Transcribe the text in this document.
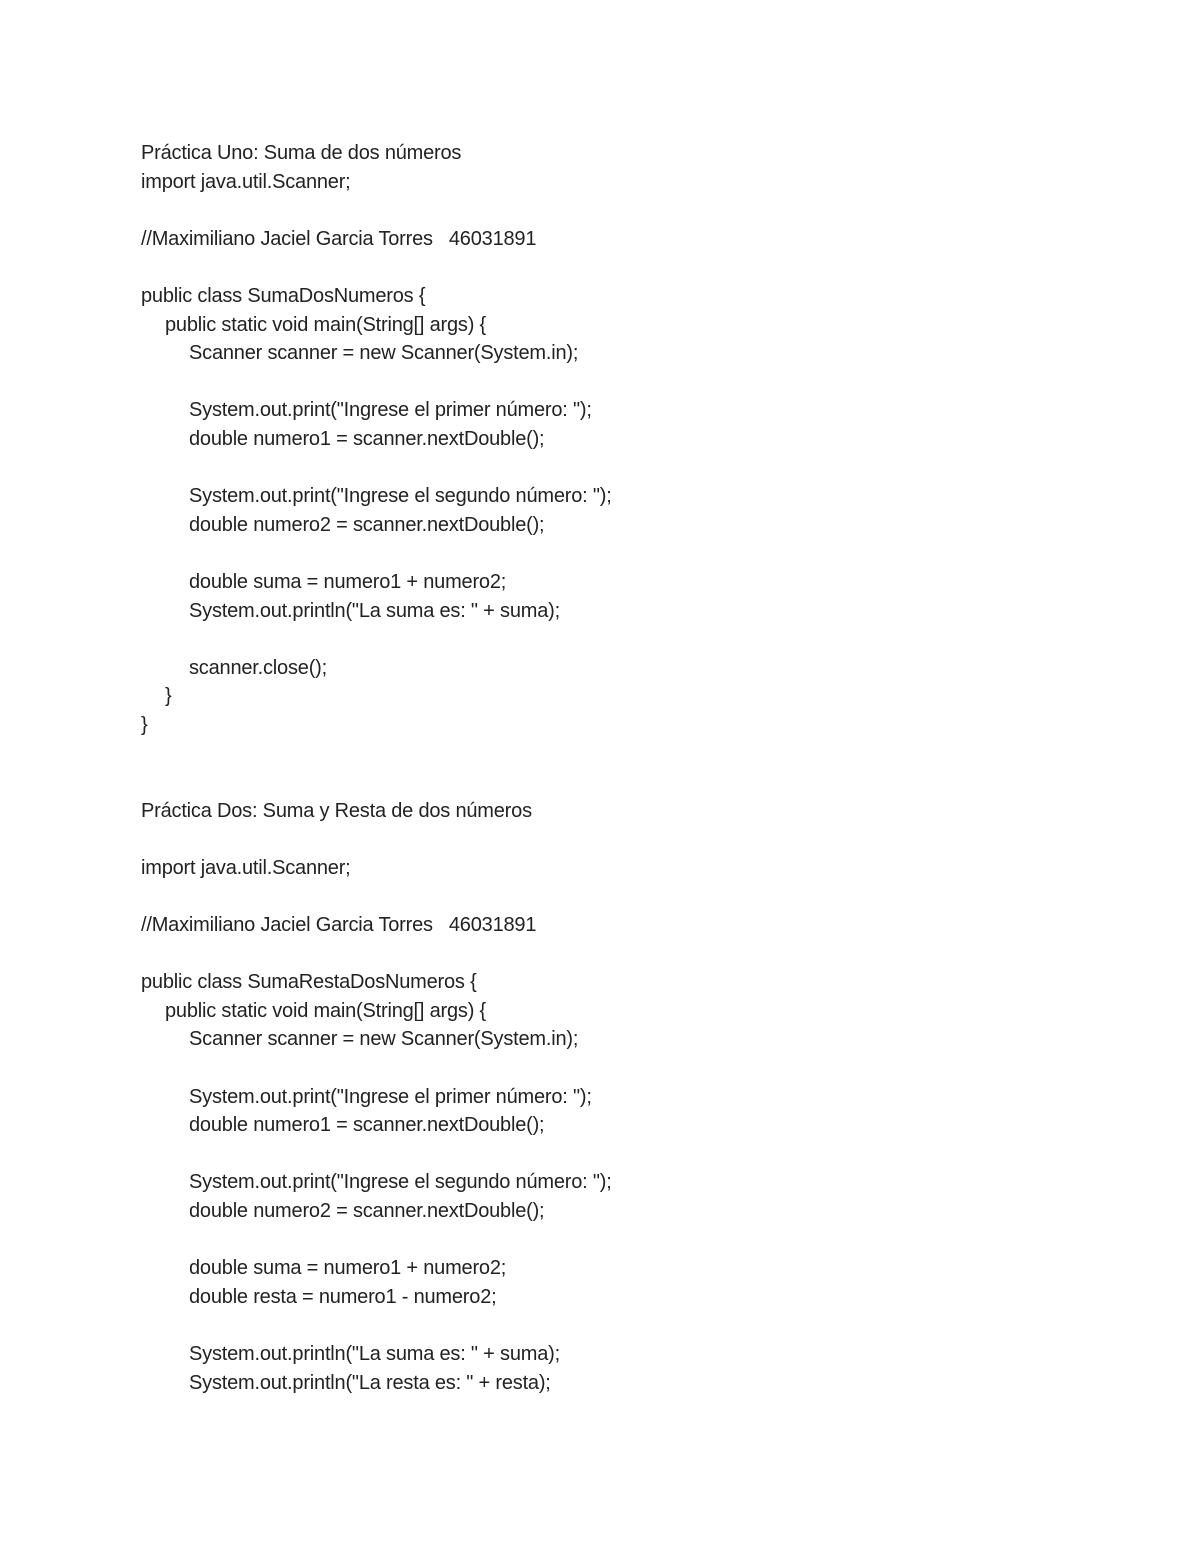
Práctica Uno: Suma de dos números
import java.util.Scanner;
//Maximiliano Jaciel Garcia Torres   46031891
public class SumaDosNumeros {
public static void main(String[] args) {
Scanner scanner = new Scanner(System.in);
System.out.print("Ingrese el primer número: ");
double numero1 = scanner.nextDouble();
System.out.print("Ingrese el segundo número: ");
double numero2 = scanner.nextDouble();
double suma = numero1 + numero2;
System.out.println("La suma es: " + suma);
scanner.close();
}
}
Práctica Dos: Suma y Resta de dos números
import java.util.Scanner;
//Maximiliano Jaciel Garcia Torres   46031891
public class SumaRestaDosNumeros {
public static void main(String[] args) {
Scanner scanner = new Scanner(System.in);
System.out.print("Ingrese el primer número: ");
double numero1 = scanner.nextDouble();
System.out.print("Ingrese el segundo número: ");
double numero2 = scanner.nextDouble();
double suma = numero1 + numero2;
double resta = numero1 - numero2;
System.out.println("La suma es: " + suma);
System.out.println("La resta es: " + resta);
